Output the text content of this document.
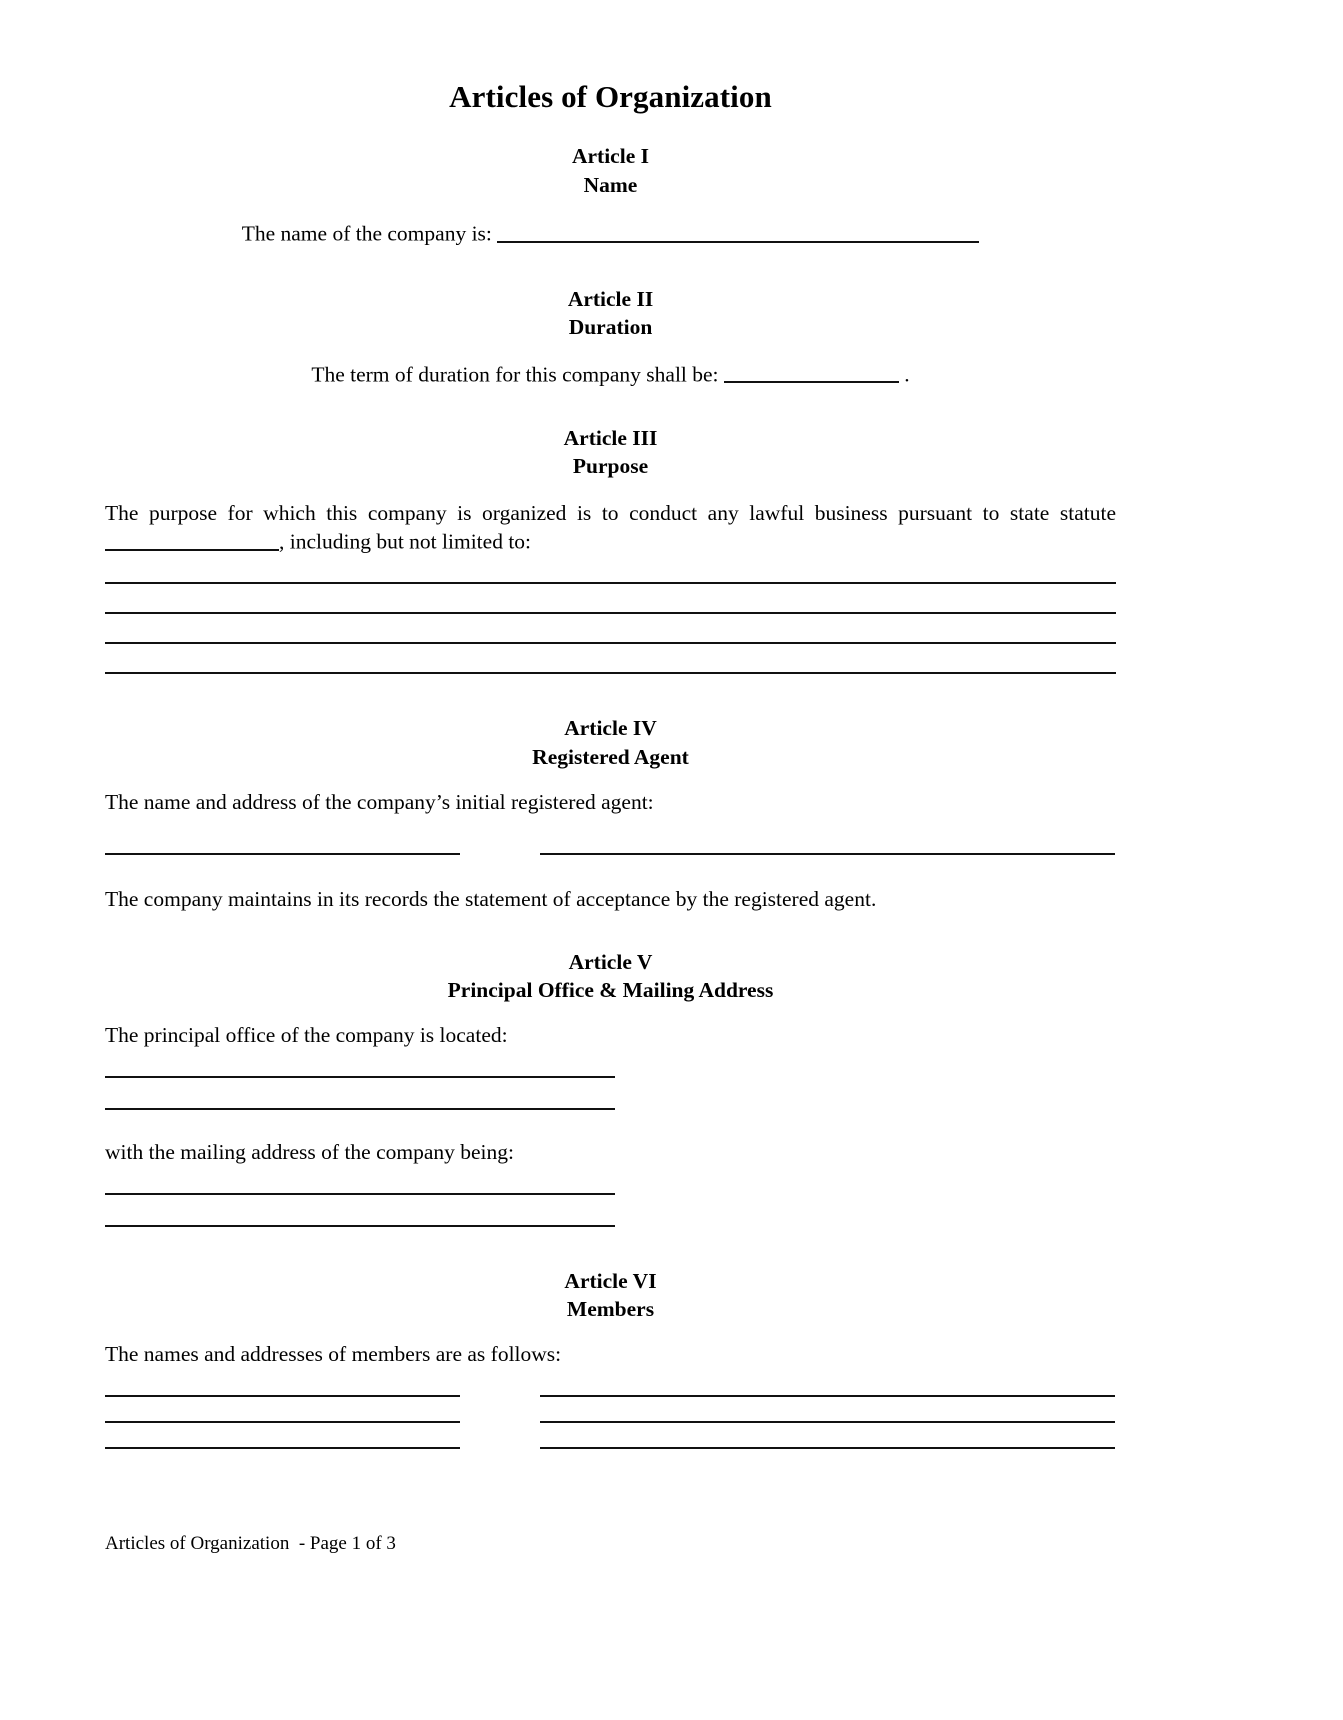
Articles of Organization
Article I
Name
The name of the company is:
Article II
Duration
The term of duration for this company shall be:	.
Article III
Purpose

The purpose for which this company is organized is to conduct any lawful business pursuant to state statute , including but not limited to:

Article IV
Registered Agent

The name and address of the company’s initial registered agent:

The company maintains in its records the statement of acceptance by the registered agent.

Article V
Principal Office & Mailing Address

The principal office of the company is located:

with the mailing address of the company being:

Article VI
Members

The names and addresses of members are as follows:

Articles of Organization  - Page 1 of 3
